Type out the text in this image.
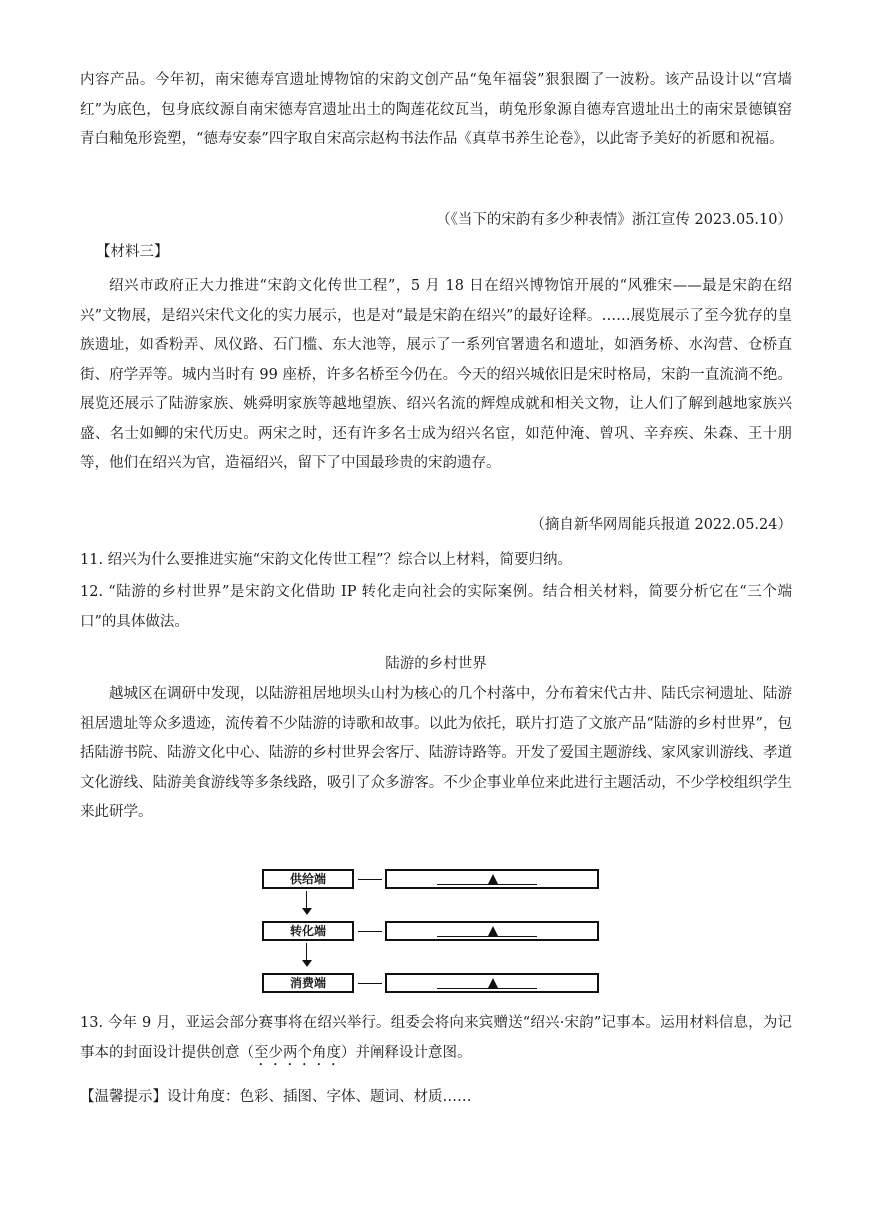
内容产品。今年初，南宋德寿宫遗址博物馆的宋韵文创产品“兔年福袋”狠狠圈了一波粉。该产品设计以“宫墙红”为底色，包身底纹源自南宋德寿宫遗址出土的陶莲花纹瓦当，萌兔形象源自德寿宫遗址出土的南宋景德镇窑青白釉兔形瓷塑，“德寿安泰”四字取自宋高宗赵构书法作品《真草书养生论卷》，以此寄予美好的祈愿和祝福。

（《当下的宋韵有多少种表情》浙江宣传 2023.05.10）

【材料三】

绍兴市政府正大力推进“宋韵文化传世工程”，5 月 18 日在绍兴博物馆开展的“风雅宋——最是宋韵在绍兴”文物展，是绍兴宋代文化的实力展示，也是对“最是宋韵在绍兴”的最好诠释。……展览展示了至今犹存的皇族遗址，如香粉弄、凤仪路、石门槛、东大池等，展示了一系列官署遗名和遗址，如酒务桥、水沟营、仓桥直街、府学弄等。城内当时有 99 座桥，许多名桥至今仍在。今天的绍兴城依旧是宋时格局，宋韵一直流淌不绝。展览还展示了陆游家族、姚舜明家族等越地望族、绍兴名流的辉煌成就和相关文物，让人们了解到越地家族兴盛、名士如鲫的宋代历史。两宋之时，还有许多名士成为绍兴名宦，如范仲淹、曾巩、辛弃疾、朱森、王十朋等，他们在绍兴为官，造福绍兴，留下了中国最珍贵的宋韵遗存。

（摘自新华网周能兵报道 2022.05.24）

11. 绍兴为什么要推进实施“宋韵文化传世工程”？综合以上材料，简要归纳。

12. “陆游的乡村世界”是宋韵文化借助 IP 转化走向社会的实际案例。结合相关材料，简要分析它在“三个端口”的具体做法。

陆游的乡村世界

越城区在调研中发现，以陆游祖居地坝头山村为核心的几个村落中，分布着宋代古井、陆氏宗祠遗址、陆游祖居遗址等众多遗迹，流传着不少陆游的诗歌和故事。以此为依托，联片打造了文旅产品“陆游的乡村世界”，包括陆游书院、陆游文化中心、陆游的乡村世界会客厅、陆游诗路等。开发了爱国主题游线、家风家训游线、孝道文化游线、陆游美食游线等多条线路，吸引了众多游客。不少企事业单位来此进行主题活动，不少学校组织学生来此研学。

供给端
转化端
消费端

13. 今年 9 月，亚运会部分赛事将在绍兴举行。组委会将向来宾赠送“绍兴·宋韵”记事本。运用材料信息，为记事本的封面设计提供创意（至少两个角度）并阐释设计意图。

【温馨提示】设计角度：色彩、插图、字体、题词、材质……
